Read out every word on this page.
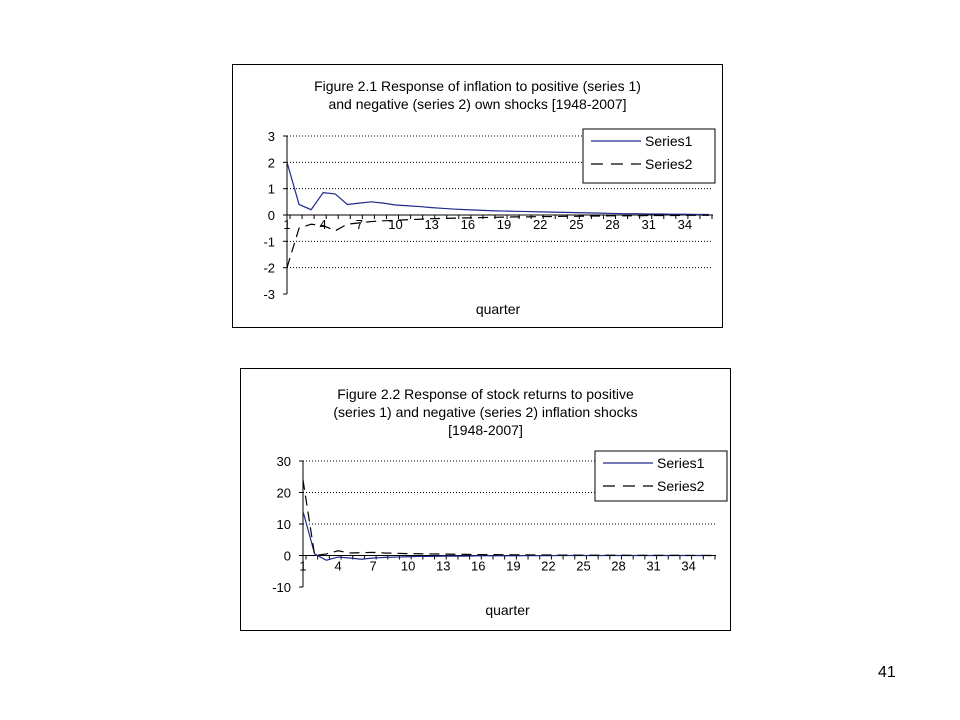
Figure 2.1 Response of inflation to positive (series 1)
and negative (series 2) own shocks [1948-2007]
3
2
1
0
-1
-2
-3
1 4 7 10 13 16 19 22 25 28 31 34
quarter
Series1
Series2
Figure 2.2 Response of stock returns to positive
(series 1) and negative (series 2) inflation shocks
[1948-2007]
30
20
10
0
-10
1 4 7 10 13 16 19 22 25 28 31 34
quarter
Series1
Series2
41
